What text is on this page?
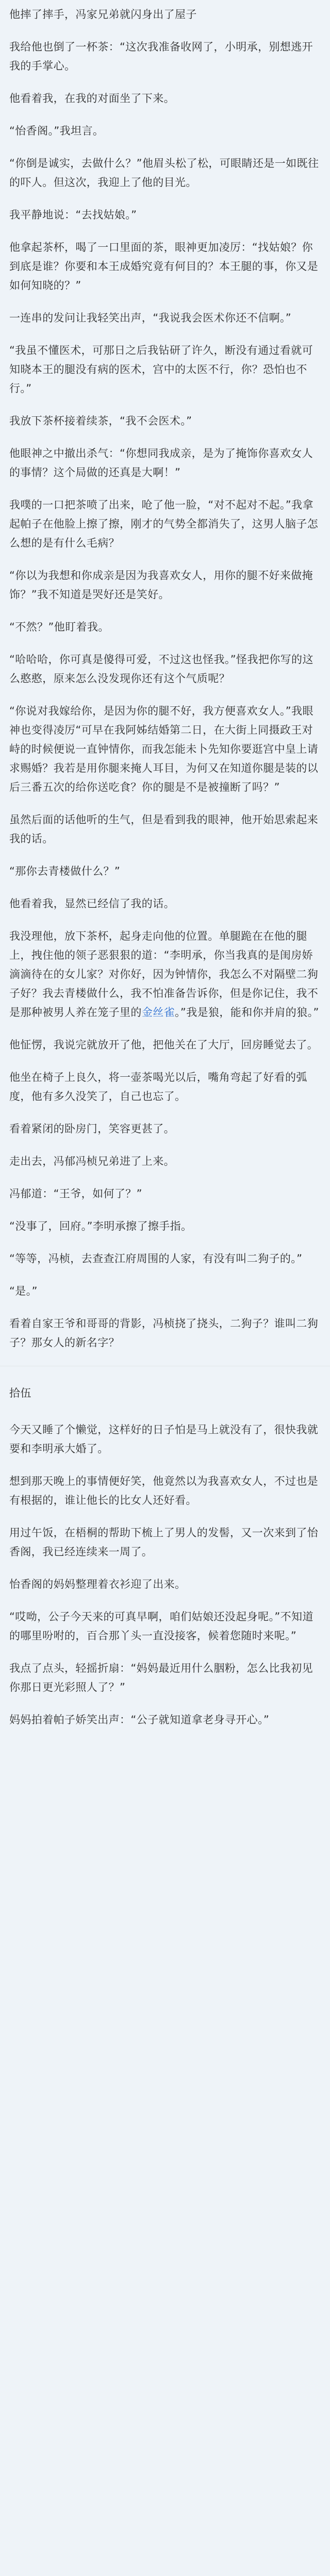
他摔了摔手，冯家兄弟就闪身出了屋子

我给他也倒了一杯茶：“这次我准备收网了，小明承，别想逃开我的手掌心。

他看着我，在我的对面坐了下来。

“怡香阁。”我坦言。

“你倒是诚实，去做什么？”他眉头松了松，可眼睛还是一如既往的吓人。但这次，我迎上了他的目光。

我平静地说：“去找姑娘。”

他拿起茶杯，喝了一口里面的茶，眼神更加凌厉：“找姑娘？你到底是谁？你要和本王成婚究竟有何目的？本王腿的事，你又是如何知晓的？”

一连串的发问让我轻笑出声，“我说我会医术你还不信啊。”

“我虽不懂医术，可那日之后我钻研了许久，断没有通过看就可知晓本王的腿没有病的医术，宫中的太医不行，你？恐怕也不行。”

我放下茶杯接着续茶，“我不会医术。”

他眼神之中撤出杀气：“你想同我成亲，是为了掩饰你喜欢女人的事情？这个局做的还真是大啊！”

我噗的一口把茶喷了出来，呛了他一脸，“对不起对不起。”我拿起帕子在他脸上擦了擦，刚才的气势全都消失了，这男人脑子怎么想的是有什么毛病？

“你以为我想和你成亲是因为我喜欢女人，用你的腿不好来做掩饰？”我不知道是哭好还是笑好。

“不然？”他盯着我。

“哈哈哈，你可真是傻得可爱，不过这也怪我。”怪我把你写的这么憨憨，原来怎么没发现你还有这个气质呢？

“你说对我嫁给你，是因为你的腿不好，我方便喜欢女人。”我眼神也变得凌厉“可早在我阿姊结婚第二日，在大街上同摄政王对峙的时候便说一直钟情你，而我怎能未卜先知你要逛宫中皇上请求赐婚？我若是用你腿来掩人耳目，为何又在知道你腿是装的以后三番五次的给你送吃食？你的腿是不是被撞断了吗？”

虽然后面的话他听的生气，但是看到我的眼神，他开始思索起来我的话。

“那你去青楼做什么？”

他看着我，显然已经信了我的话。

我没理他，放下茶杯，起身走向他的位置。单腿跪在在他的腿上，拽住他的领子恶狠狠的道：“李明承，你当我真的是闺房娇滴滴待在的女儿家？对你好，因为钟情你，我怎么不对隔壁二狗子好？我去青楼做什么，我不怕准备告诉你，但是你记住，我不是那种被男人养在笼子里的金丝雀。”我是狼，能和你并肩的狼。”

他怔愣，我说完就放开了他，把他关在了大厅，回房睡觉去了。

他坐在椅子上良久，将一壶茶喝光以后，嘴角弯起了好看的弧度，他有多久没笑了，自己也忘了。

看着紧闭的卧房门，笑容更甚了。

走出去，冯郁冯桢兄弟进了上来。

冯郁道：“王爷，如何了？”

“没事了，回府。”李明承擦了擦手指。

“等等，冯桢，去查查江府周围的人家，有没有叫二狗子的。”

“是。”

看着自家王爷和哥哥的背影，冯桢挠了挠头，二狗子？谁叫二狗子？那女人的新名字？

拾伍

今天又睡了个懒觉，这样好的日子怕是马上就没有了，很快我就要和李明承大婚了。

想到那天晚上的事情便好笑，他竟然以为我喜欢女人，不过也是有根据的，谁让他长的比女人还好看。

用过午饭，在梧桐的帮助下梳上了男人的发髻，又一次来到了怡香阁，我已经连续来一周了。

怡香阁的妈妈整理着衣衫迎了出来。

“哎呦，公子今天来的可真早啊，咱们姑娘还没起身呢。”不知道的哪里吩咐的，百合那丫头一直没接客，候着您随时来呢。”

我点了点头，轻摇折扇：“妈妈最近用什么胭粉，怎么比我初见你那日更光彩照人了？”

妈妈拍着帕子娇笑出声：“公子就知道拿老身寻开心。”
